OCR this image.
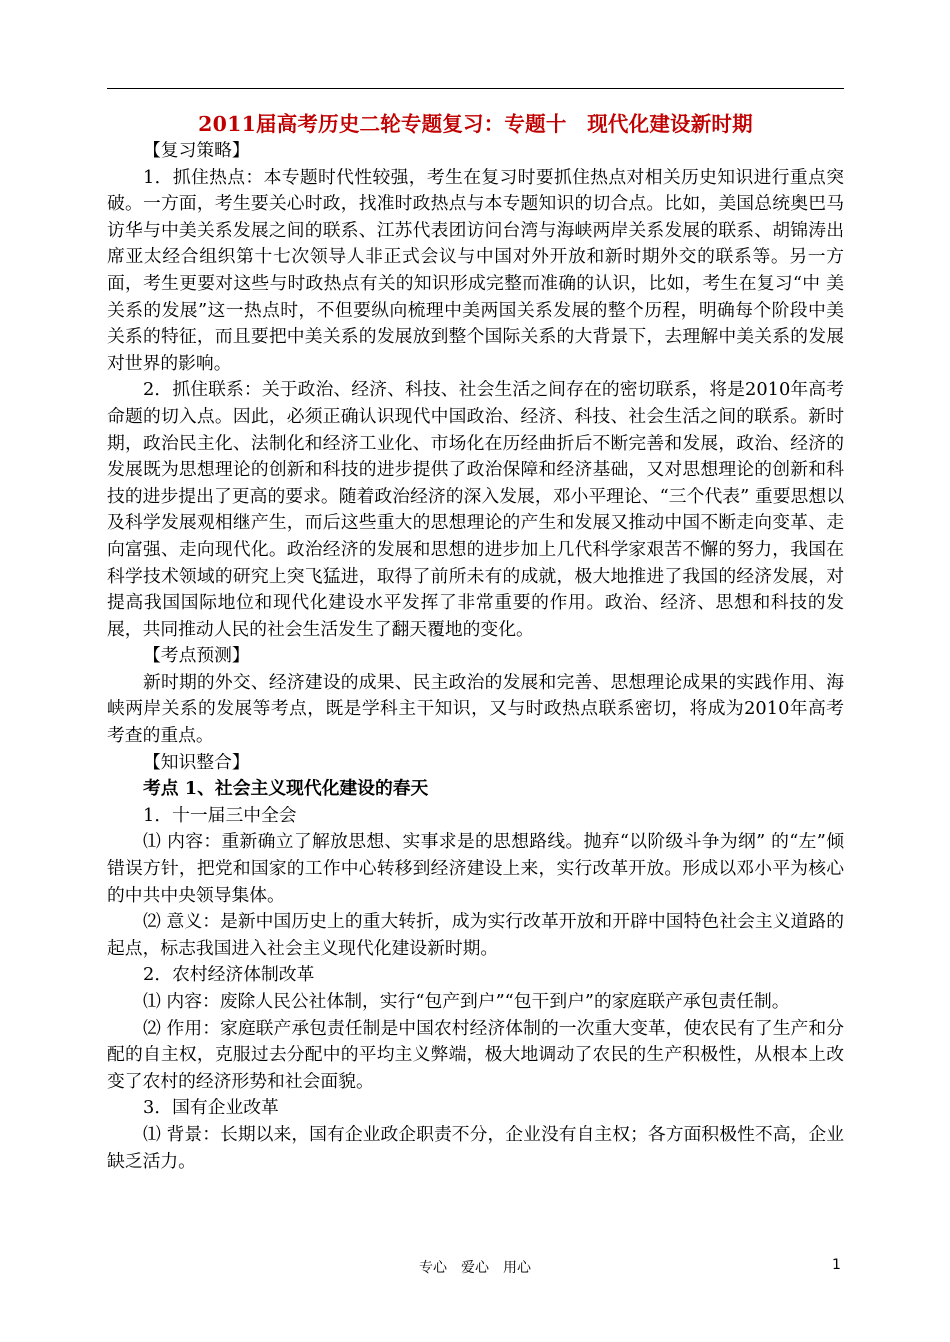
2011届高考历史二轮专题复习：专题十　现代化建设新时期

【复习策略】

1．抓住热点：本专题时代性较强，考生在复习时要抓住热点对相关历史知识进行重点突破。一方面，考生要关心时政，找准时政热点与本专题知识的切合点。比如，美国总统奥巴马访华与中美关系发展之间的联系、江苏代表团访问台湾与海峡两岸关系发展的联系、胡锦涛出席亚太经合组织第十七次领导人非正式会议与中国对外开放和新时期外交的联系等。另一方面，考生更要对这些与时政热点有关的知识形成完整而准确的认识，比如，考生在复习“中 美关系的发展”这一热点时，不但要纵向梳理中美两国关系发展的整个历程，明确每个阶段中美关系的特征，而且要把中美关系的发展放到整个国际关系的大背景下，去理解中美关系的发展对世界的影响。

2．抓住联系：关于政治、经济、科技、社会生活之间存在的密切联系，将是2010年高考命题的切入点。因此，必须正确认识现代中国政治、经济、科技、社会生活之间的联系。新时期，政治民主化、法制化和经济工业化、市场化在历经曲折后不断完善和发展，政治、经济的发展既为思想理论的创新和科技的进步提供了政治保障和经济基础，又对思想理论的创新和科技的进步提出了更高的要求。随着政治经济的深入发展，邓小平理论、“三个代表” 重要思想以及科学发展观相继产生，而后这些重大的思想理论的产生和发展又推动中国不断走向变革、走向富强、走向现代化。政治经济的发展和思想的进步加上几代科学家艰苦不懈的努力，我国在科学技术领域的研究上突飞猛进，取得了前所未有的成就，极大地推进了我国的经济发展，对提高我国国际地位和现代化建设水平发挥了非常重要的作用。政治、经济、思想和科技的发展，共同推动人民的社会生活发生了翻天覆地的变化。

【考点预测】

新时期的外交、经济建设的成果、民主政治的发展和完善、思想理论成果的实践作用、海峡两岸关系的发展等考点，既是学科主干知识，又与时政热点联系密切，将成为2010年高考考查的重点。

【知识整合】

考点 1、社会主义现代化建设的春天

1．十一届三中全会

⑴ 内容：重新确立了解放思想、实事求是的思想路线。抛弃“以阶级斗争为纲” 的“左”倾错误方针，把党和国家的工作中心转移到经济建设上来，实行改革开放。形成以邓小平为核心的中共中央领导集体。

⑵ 意义：是新中国历史上的重大转折，成为实行改革开放和开辟中国特色社会主义道路的起点，标志我国进入社会主义现代化建设新时期。

2．农村经济体制改革

⑴ 内容：废除人民公社体制，实行“包产到户”“包干到户”的家庭联产承包责任制。

⑵ 作用：家庭联产承包责任制是中国农村经济体制的一次重大变革，使农民有了生产和分配的自主权，克服过去分配中的平均主义弊端，极大地调动了农民的生产积极性，从根本上改变了农村的经济形势和社会面貌。

3．国有企业改革

⑴ 背景：长期以来，国有企业政企职责不分，企业没有自主权；各方面积极性不高，企业缺乏活力。

专心　爱心　用心	1
